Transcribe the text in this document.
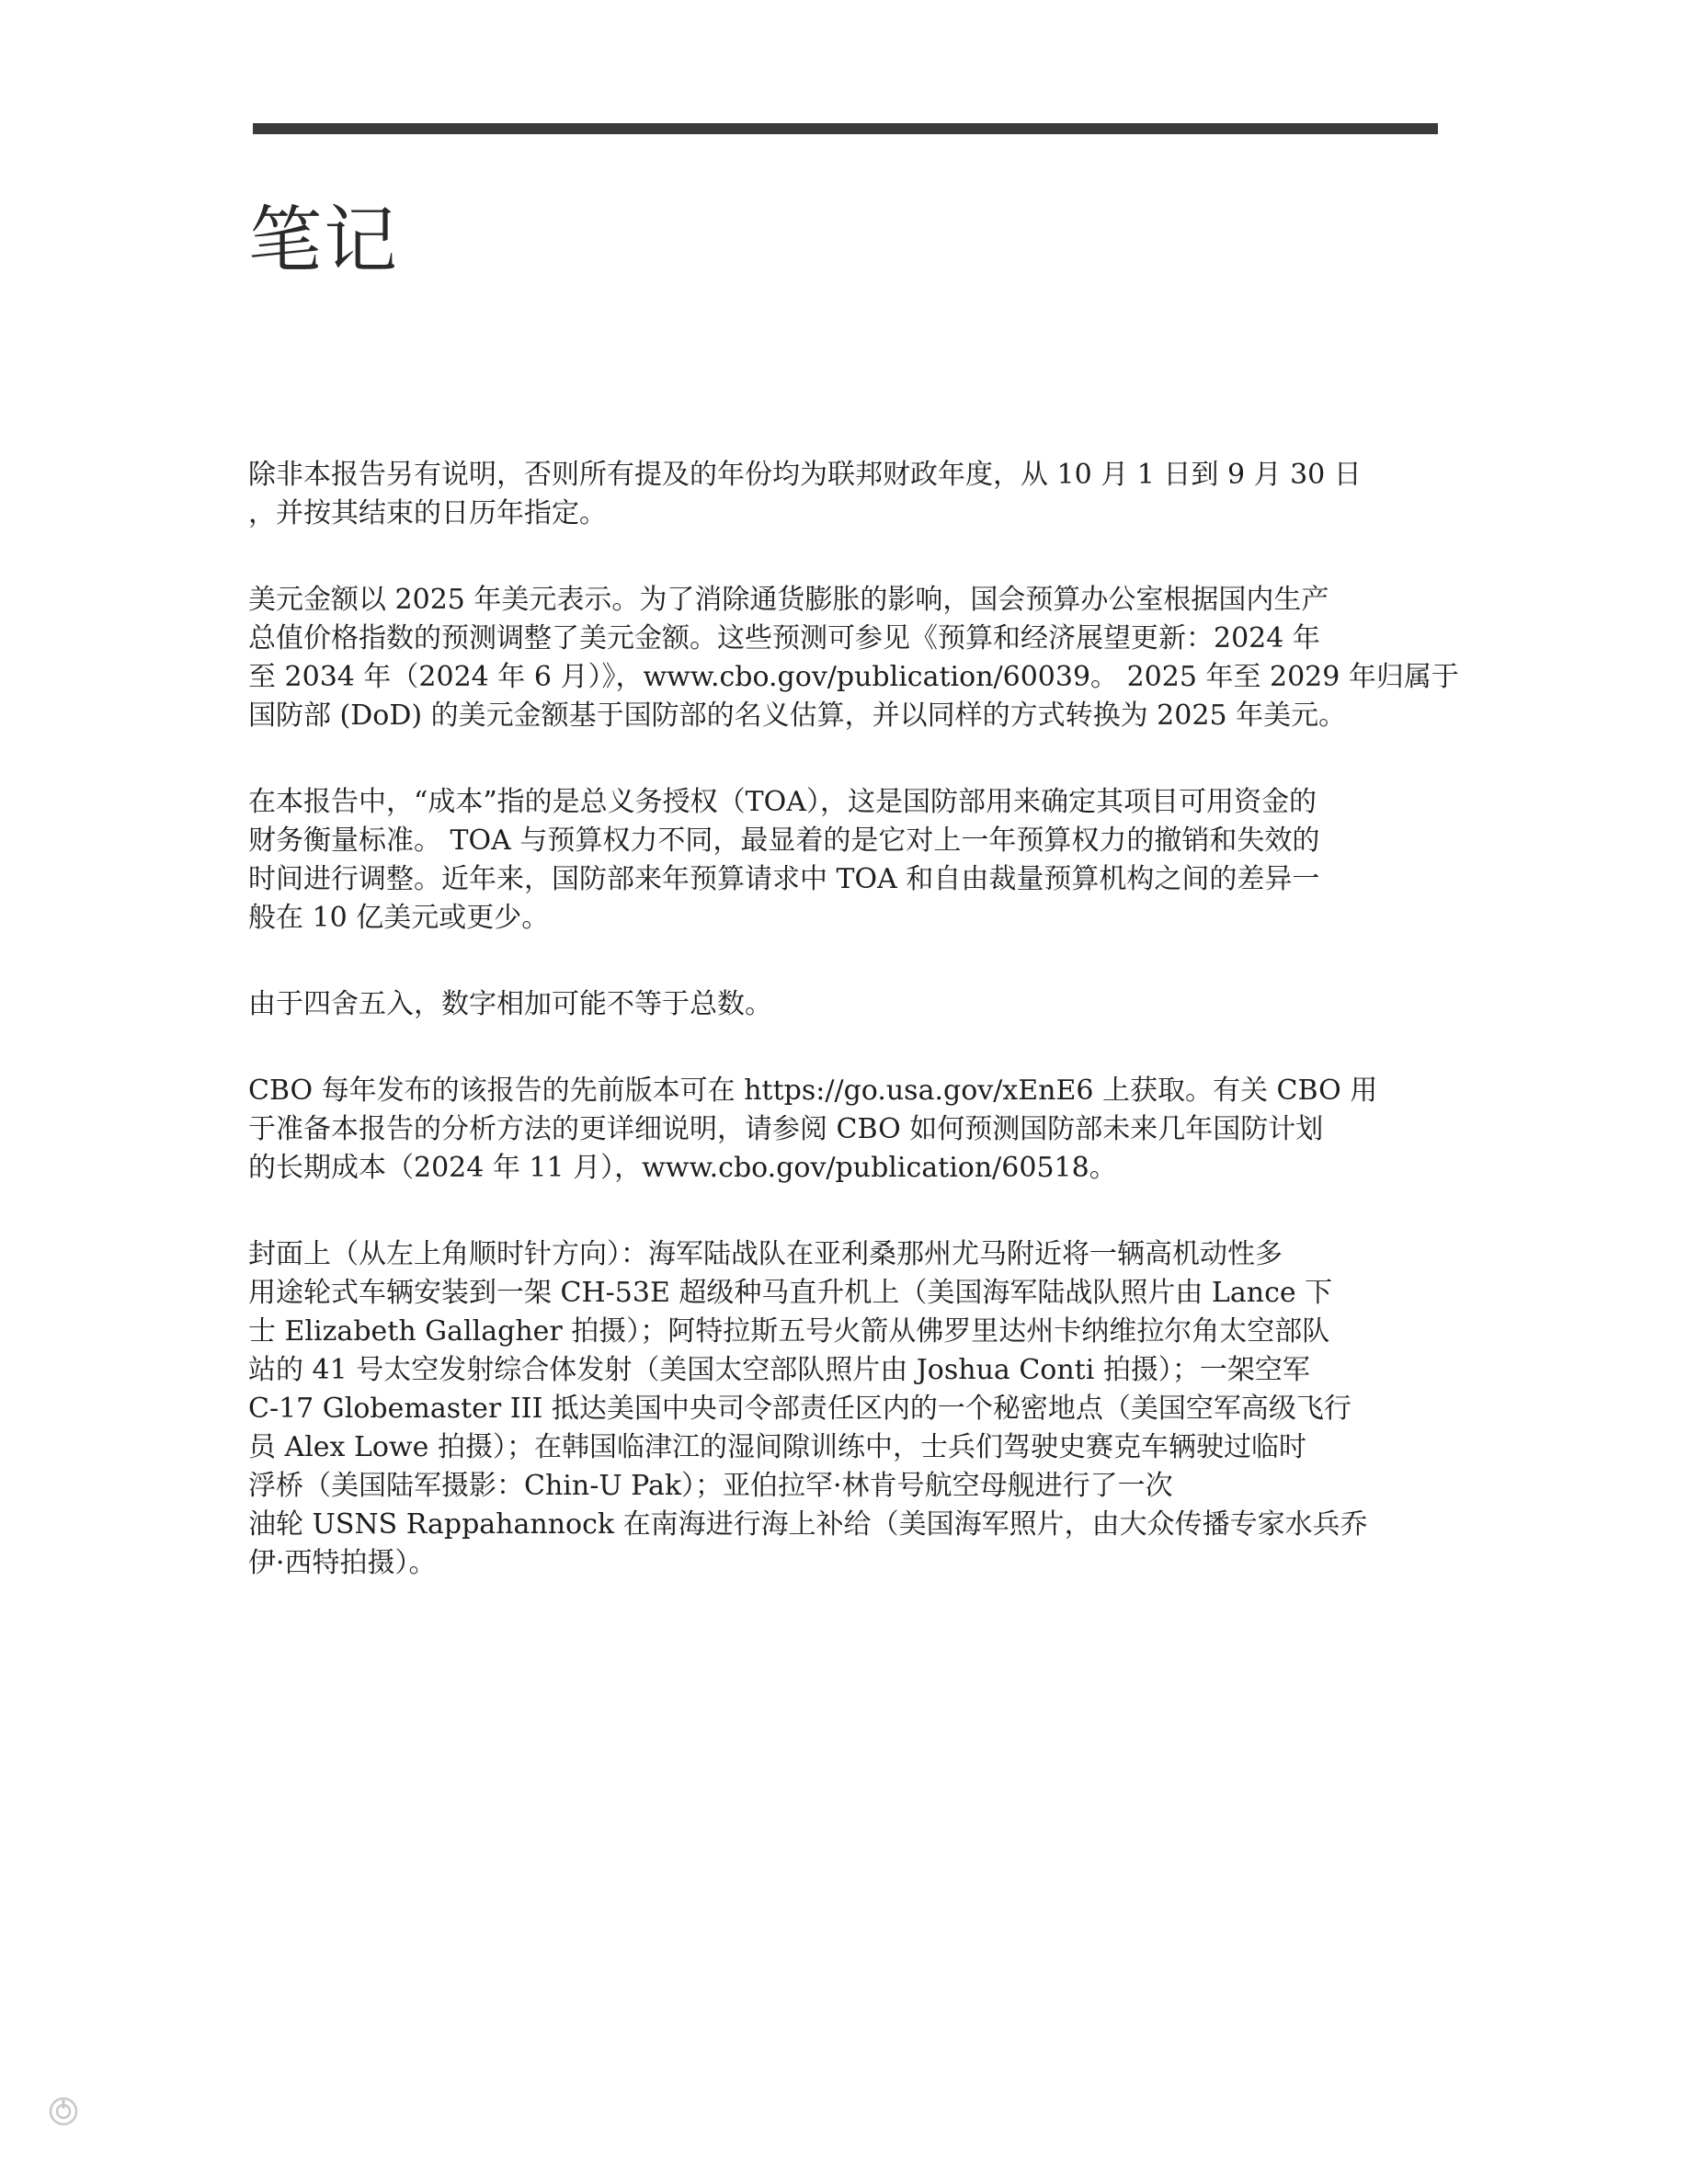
笔记

除非本报告另有说明，否则所有提及的年份均为联邦财政年度，从 10 月 1 日到 9 月 30 日
，并按其结束的日历年指定。

美元金额以 2025 年美元表示。为了消除通货膨胀的影响，国会预算办公室根据国内生产
总值价格指数的预测调整了美元金额。这些预测可参见《预算和经济展望更新：2024 年
至 2034 年（2024 年 6 月）》，www.cbo.gov/publication/60039。 2025 年至 2029 年归属于
国防部 (DoD) 的美元金额基于国防部的名义估算，并以同样的方式转换为 2025 年美元。

在本报告中，“成本”指的是总义务授权（TOA），这是国防部用来确定其项目可用资金的
财务衡量标准。 TOA 与预算权力不同，最显着的是它对上一年预算权力的撤销和失效的
时间进行调整。近年来，国防部来年预算请求中 TOA 和自由裁量预算机构之间的差异一
般在 10 亿美元或更少。

由于四舍五入，数字相加可能不等于总数。

CBO 每年发布的该报告的先前版本可在 https://go.usa.gov/xEnE6 上获取。有关 CBO 用
于准备本报告的分析方法的更详细说明，请参阅 CBO 如何预测国防部未来几年国防计划
的长期成本（2024 年 11 月），www.cbo.gov/publication/60518。

封面上（从左上角顺时针方向）：海军陆战队在亚利桑那州尤马附近将一辆高机动性多
用途轮式车辆安装到一架 CH-53E 超级种马直升机上（美国海军陆战队照片由 Lance 下
士 Elizabeth Gallagher 拍摄）；阿特拉斯五号火箭从佛罗里达州卡纳维拉尔角太空部队
站的 41 号太空发射综合体发射（美国太空部队照片由 Joshua Conti 拍摄）；一架空军
C-17 Globemaster III 抵达美国中央司令部责任区内的一个秘密地点（美国空军高级飞行
员 Alex Lowe 拍摄）；在韩国临津江的湿间隙训练中，士兵们驾驶史赛克车辆驶过临时
浮桥（美国陆军摄影：Chin-U Pak）；亚伯拉罕·林肯号航空母舰进行了一次
油轮 USNS Rappahannock 在南海进行海上补给（美国海军照片，由大众传播专家水兵乔
伊·西特拍摄）。
